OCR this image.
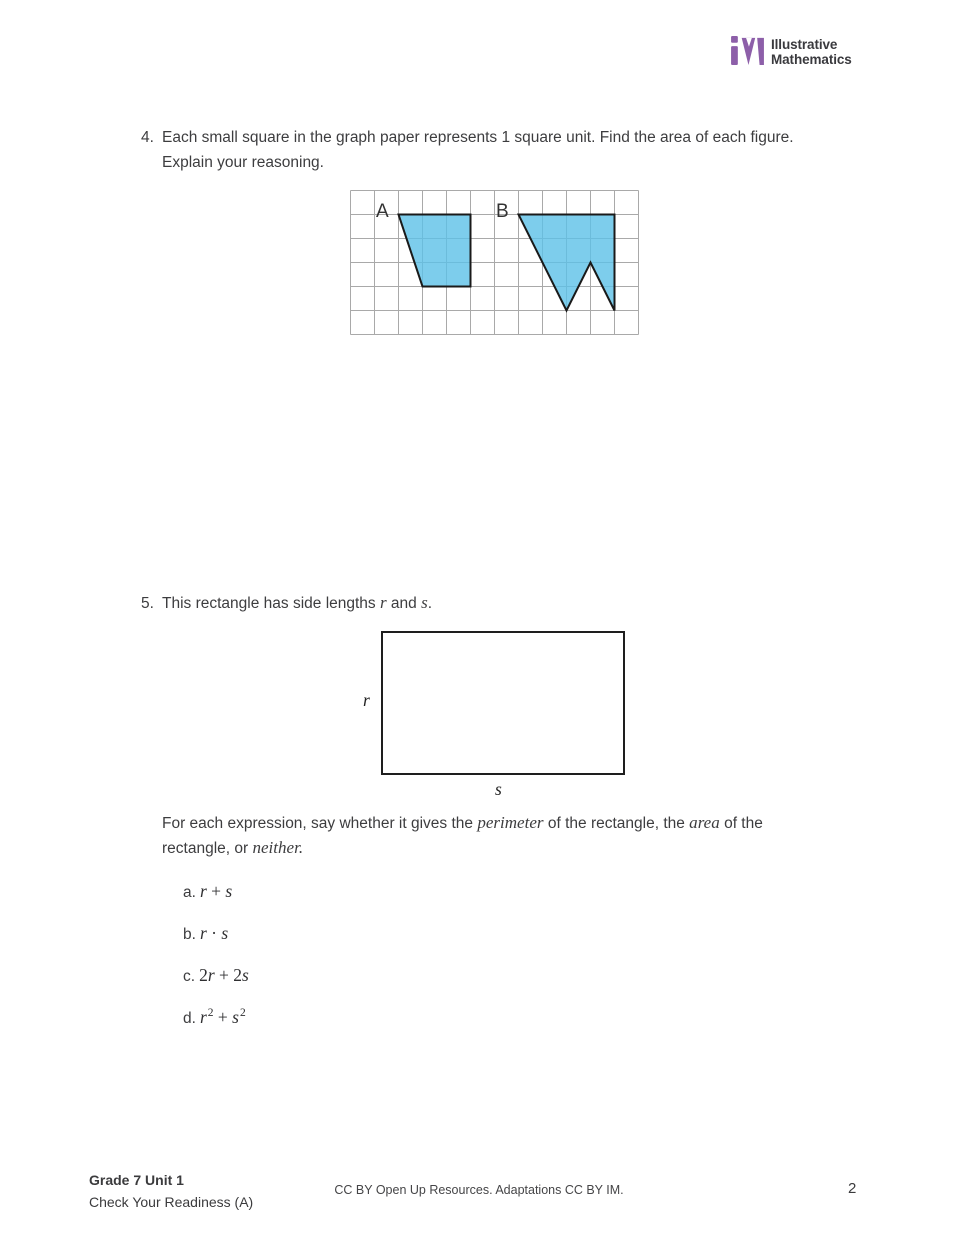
Illustrative
Mathematics
4. Each small square in the graph paper represents 1 square unit. Find the area of each figure. Explain your reasoning.

A	B
5. This rectangle has side lengths r and s.

r
s

For each expression, say whether it gives the perimeter of the rectangle, the area of the rectangle, or neither.

a. r + s
b. r · s
c. 2r + 2s
d. $r^2 + s^2$
Grade 7 Unit 1
Check Your Readiness (A)
CC BY Open Up Resources. Adaptations CC BY IM.	2
